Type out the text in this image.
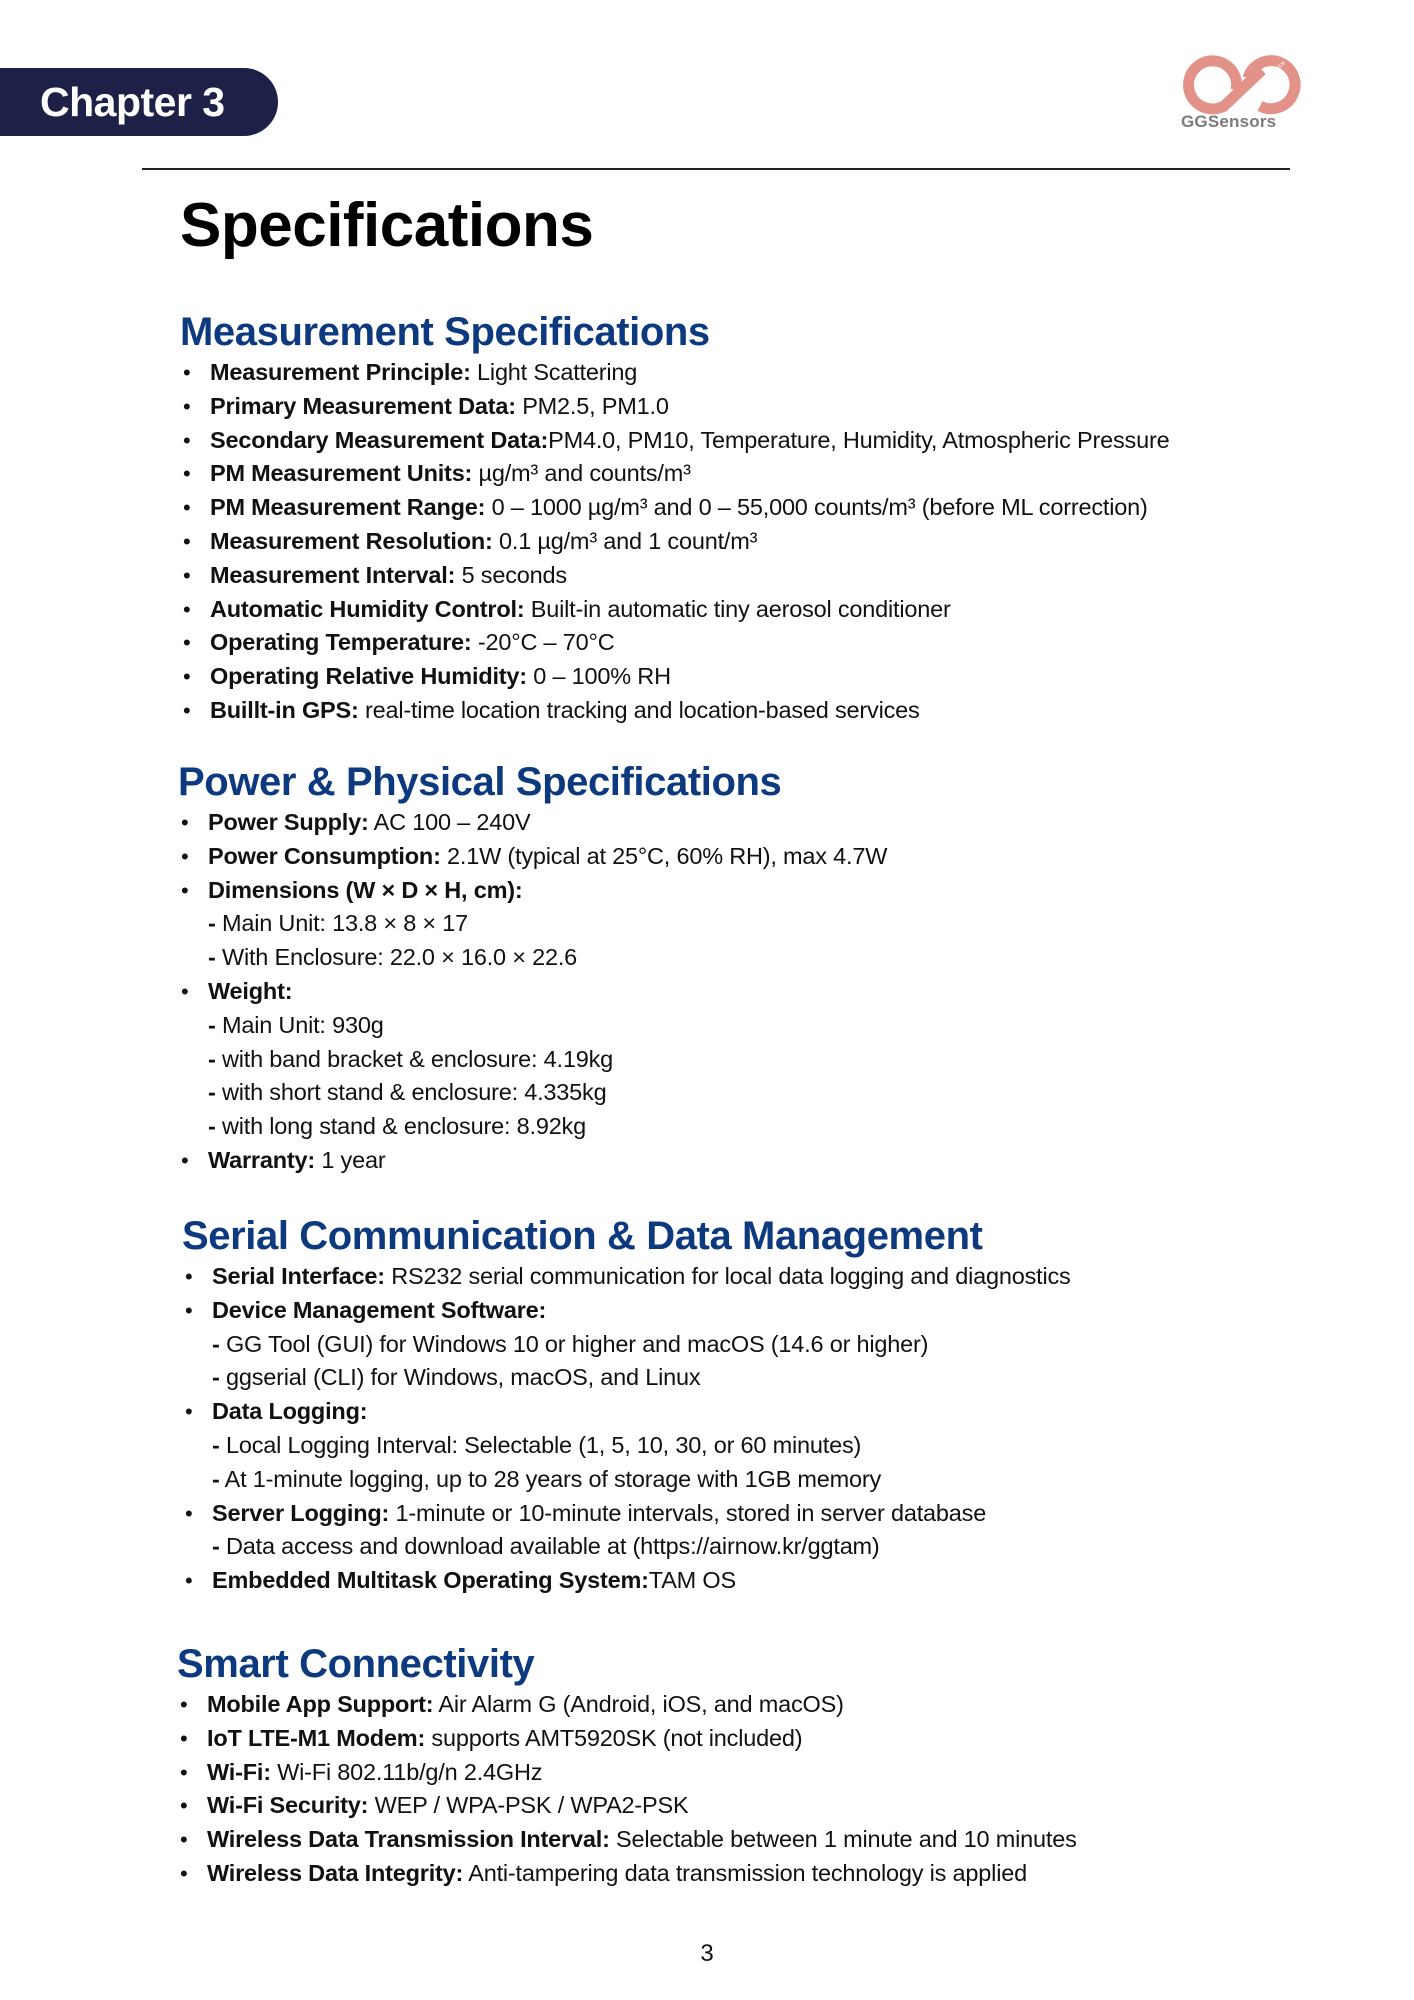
Chapter 3	Air & Climate Justice
GGSensors
Specifications
Measurement Specifications
• Measurement Principle: Light Scattering
• Primary Measurement Data: PM2.5, PM1.0
• Secondary Measurement Data:PM4.0, PM10, Temperature, Humidity, Atmospheric Pressure
• PM Measurement Units: µg/m³ and counts/m³
• PM Measurement Range: 0 – 1000 µg/m³ and 0 – 55,000 counts/m³ (before ML correction)
• Measurement Resolution: 0.1 µg/m³ and 1 count/m³
• Measurement Interval: 5 seconds
• Automatic Humidity Control: Built-in automatic tiny aerosol conditioner
• Operating Temperature: -20°C – 70°C
• Operating Relative Humidity: 0 – 100% RH
• Buillt-in GPS: real-time location tracking and location-based services
Power & Physical Specifications
• Power Supply: AC 100 – 240V
• Power Consumption: 2.1W (typical at 25°C, 60% RH), max 4.7W
• Dimensions (W × D × H, cm):
- Main Unit: 13.8 × 8 × 17
- With Enclosure: 22.0 × 16.0 × 22.6
• Weight:
- Main Unit: 930g
- with band bracket & enclosure: 4.19kg
- with short stand & enclosure: 4.335kg
- with long stand & enclosure: 8.92kg
• Warranty: 1 year
Serial Communication & Data Management
• Serial Interface: RS232 serial communication for local data logging and diagnostics
• Device Management Software:
- GG Tool (GUI) for Windows 10 or higher and macOS (14.6 or higher)
- ggserial (CLI) for Windows, macOS, and Linux
• Data Logging:
- Local Logging Interval: Selectable (1, 5, 10, 30, or 60 minutes)
- At 1-minute logging, up to 28 years of storage with 1GB memory
• Server Logging: 1-minute or 10-minute intervals, stored in server database
- Data access and download available at (https://airnow.kr/ggtam)
• Embedded Multitask Operating System:TAM OS
Smart Connectivity
• Mobile App Support: Air Alarm G (Android, iOS, and macOS)
• IoT LTE-M1 Modem: supports AMT5920SK (not included)
• Wi-Fi: Wi-Fi 802.11b/g/n 2.4GHz
• Wi-Fi Security: WEP / WPA-PSK / WPA2-PSK
• Wireless Data Transmission Interval: Selectable between 1 minute and 10 minutes
• Wireless Data Integrity: Anti-tampering data transmission technology is applied
3
